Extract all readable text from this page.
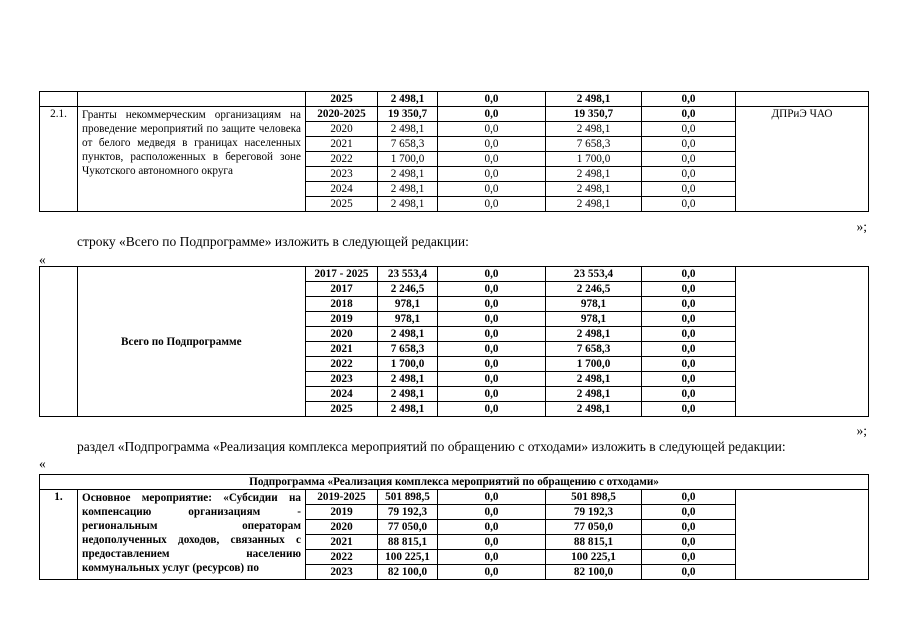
		2025	2 498,1	0,0	2 498,1	0,0	
2.1.	Гранты некоммерческим организациям на проведение мероприятий по защите человека от белого медведя в границах населенных пунктов, расположенных в береговой зоне Чукотского автономного округа	2020-2025	19 350,7	0,0	19 350,7	0,0	ДПРиЭ ЧАО
		2020	2 498,1	0,0	2 498,1	0,0	
		2021	7 658,3	0,0	7 658,3	0,0	
		2022	1 700,0	0,0	1 700,0	0,0	
		2023	2 498,1	0,0	2 498,1	0,0	
		2024	2 498,1	0,0	2 498,1	0,0	
		2025	2 498,1	0,0	2 498,1	0,0	
»;
строку «Всего по Подпрограмме» изложить в следующей редакции:
«
	Всего по Подпрограмме	2017 - 2025	23 553,4	0,0	23 553,4	0,0	
		2017	2 246,5	0,0	2 246,5	0,0	
		2018	978,1	0,0	978,1	0,0	
		2019	978,1	0,0	978,1	0,0	
		2020	2 498,1	0,0	2 498,1	0,0	
		2021	7 658,3	0,0	7 658,3	0,0	
		2022	1 700,0	0,0	1 700,0	0,0	
		2023	2 498,1	0,0	2 498,1	0,0	
		2024	2 498,1	0,0	2 498,1	0,0	
		2025	2 498,1	0,0	2 498,1	0,0	
»;
раздел «Подпрограмма «Реализация комплекса мероприятий по обращению с отходами» изложить в следующей редакции:
«
Подпрограмма «Реализация комплекса мероприятий по обращению с отходами»							
1.	Основное мероприятие: «Субсидии на компенсацию организациям - региональным операторам недополученных доходов, связанных с предоставлением населению коммунальных услуг (ресурсов) по	2019-2025	501 898,5	0,0	501 898,5	0,0	
		2019	79 192,3	0,0	79 192,3	0,0	
		2020	77 050,0	0,0	77 050,0	0,0	
		2021	88 815,1	0,0	88 815,1	0,0	
		2022	100 225,1	0,0	100 225,1	0,0	
		2023	82 100,0	0,0	82 100,0	0,0	
